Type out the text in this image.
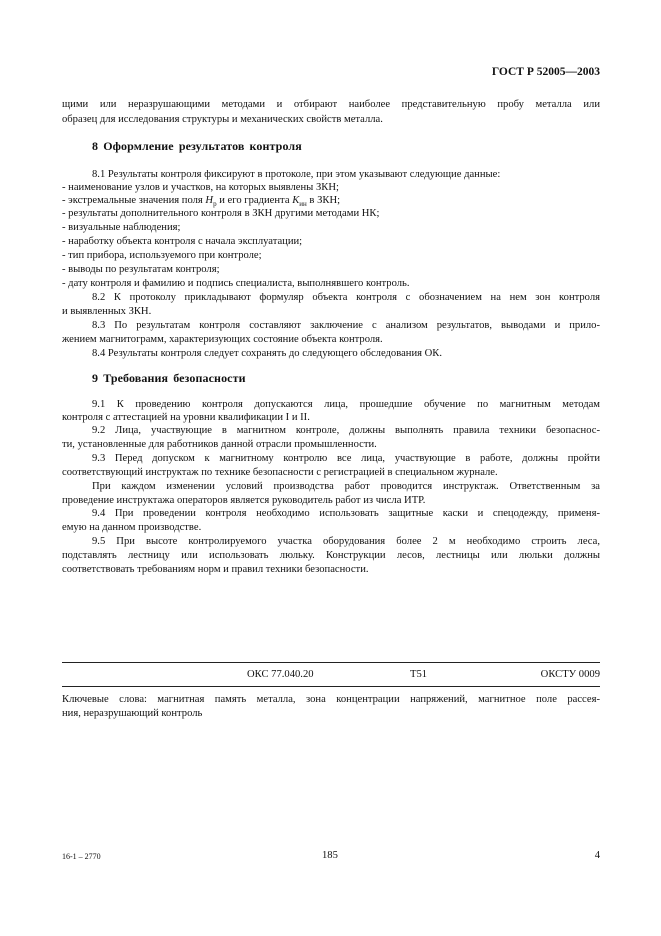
ГОСТ Р 52005—2003
щими или неразрушающими методами и отбирают наиболее представительную пробу металла или
образец для исследования структуры и механических свойств металла.
8 Оформление результатов контроля
8.1 Результаты контроля фиксируют в протоколе, при этом указывают следующие данные:
- наименование узлов и участков, на которых выявлены ЗКН;
- экстремальные значения поля $H_p$ и его градиента $K_{ин}$ в ЗКН;
- результаты дополнительного контроля в ЗКН другими методами НК;
- визуальные наблюдения;
- наработку объекта контроля с начала эксплуатации;
- тип прибора, используемого при контроле;
- выводы по результатам контроля;
- дату контроля и фамилию и подпись специалиста, выполнявшего контроль.
8.2 К протоколу прикладывают формуляр объекта контроля с обозначением на нем зон контроля
и выявленных ЗКН.
8.3 По результатам контроля составляют заключение с анализом результатов, выводами и прило-
жением магнитограмм, характеризующих состояние объекта контроля.
8.4 Результаты контроля следует сохранять до следующего обследования ОК.
9 Требования безопасности
9.1 К проведению контроля допускаются лица, прошедшие обучение по магнитным методам
контроля с аттестацией на уровни квалификации I и II.
9.2 Лица, участвующие в магнитном контроле, должны выполнять правила техники безопаснос-
ти, установленные для работников данной отрасли промышленности.
9.3 Перед допуском к магнитному контролю все лица, участвующие в работе, должны пройти
соответствующий инструктаж по технике безопасности с регистрацией в специальном журнале.
При каждом изменении условий производства работ проводится инструктаж. Ответственным за
проведение инструктажа операторов является руководитель работ из числа ИТР.
9.4 При проведении контроля необходимо использовать защитные каски и спецодежду, применя-
емую на данном производстве.
9.5 При высоте контролируемого участка оборудования более 2 м необходимо строить леса,
подставлять лестницу или использовать люльку. Конструкции лесов, лестницы или люльки должны
соответствовать требованиям норм и правил техники безопасности.
ОКС 77.040.20	Т51	ОКСТУ 0009
Ключевые слова: магнитная память металла, зона концентрации напряжений, магнитное поле рассея-
ния, неразрушающий контроль
16-1 – 2770	185	4
